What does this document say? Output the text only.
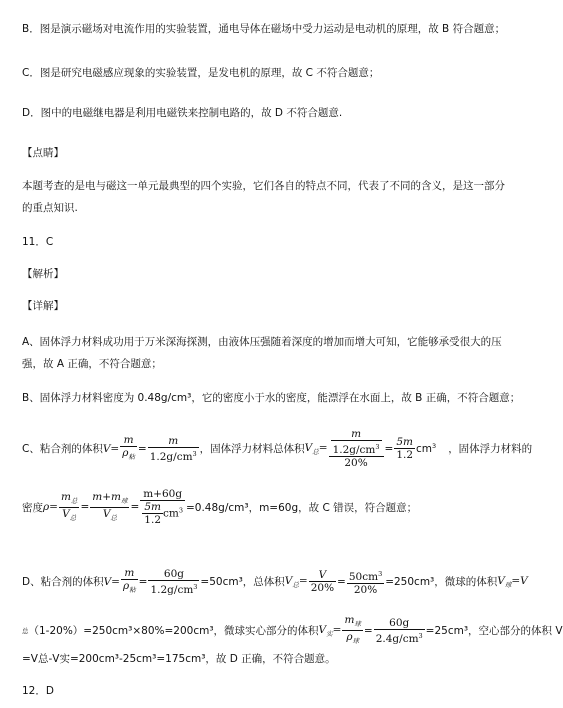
B．图是演示磁场对电流作用的实验装置，通电导体在磁场中受力运动是电动机的原理，故 B 符合题意；
C．图是研究电磁感应现象的实验装置，是发电机的原理，故 C 不符合题意；
D．图中的电磁继电器是利用电磁铁来控制电路的，故 D 不符合题意.
【点睛】
本题考查的是电与磁这一单元最典型的四个实验，它们各自的特点不同，代表了不同的含义，是这一部分
的重点知识.
11．C
【解析】
【详解】
A、固体浮力材料成功用于万米深海探测，由液体压强随着深度的增加而增大可知，它能够承受很大的压
强，故 A 正确，不符合题意；
B、固体浮力材料密度为 0.48g/cm³，它的密度小于水的密度，能漂浮在水面上，故 B 正确，不符合题意；
C、粘合剂的体积 $V= \frac{m}{\rho_粘} = \frac{m}{1.2g/cm^3}$ ，固体浮力材料总体积 $V_总= \frac{\frac{m}{1.2g/cm^3}}{20\%} = \frac{5m}{1.2} cm^3$ ，固体浮力材料的
密度 $\rho= \frac{m_总}{V_总} = \frac{m+m_球}{V_总} = \frac{m+60g}{\frac{5m}{1.2} cm^3} =0.48g/cm^3$，m=60g，故 C 错误，符合题意；
D、粘合剂的体积 $V= \frac{m}{\rho_粘} = \frac{60g}{1.2g/cm^3} =50cm^3$，总体积 $V_总= \frac{V}{20\%} = \frac{50cm^3}{20\%} =250cm^3$，微球的体积 $V_球=V$
总 （1-20%）=250cm³×80%=200cm³，微球实心部分的体积 $V_实= \frac{m_球}{\rho_球} = \frac{60g}{2.4g/cm^3} =25cm^3$，空心部分的体积 V
=V总-V实=200cm³-25cm³=175cm³，故 D 正确，不符合题意。
12．D
